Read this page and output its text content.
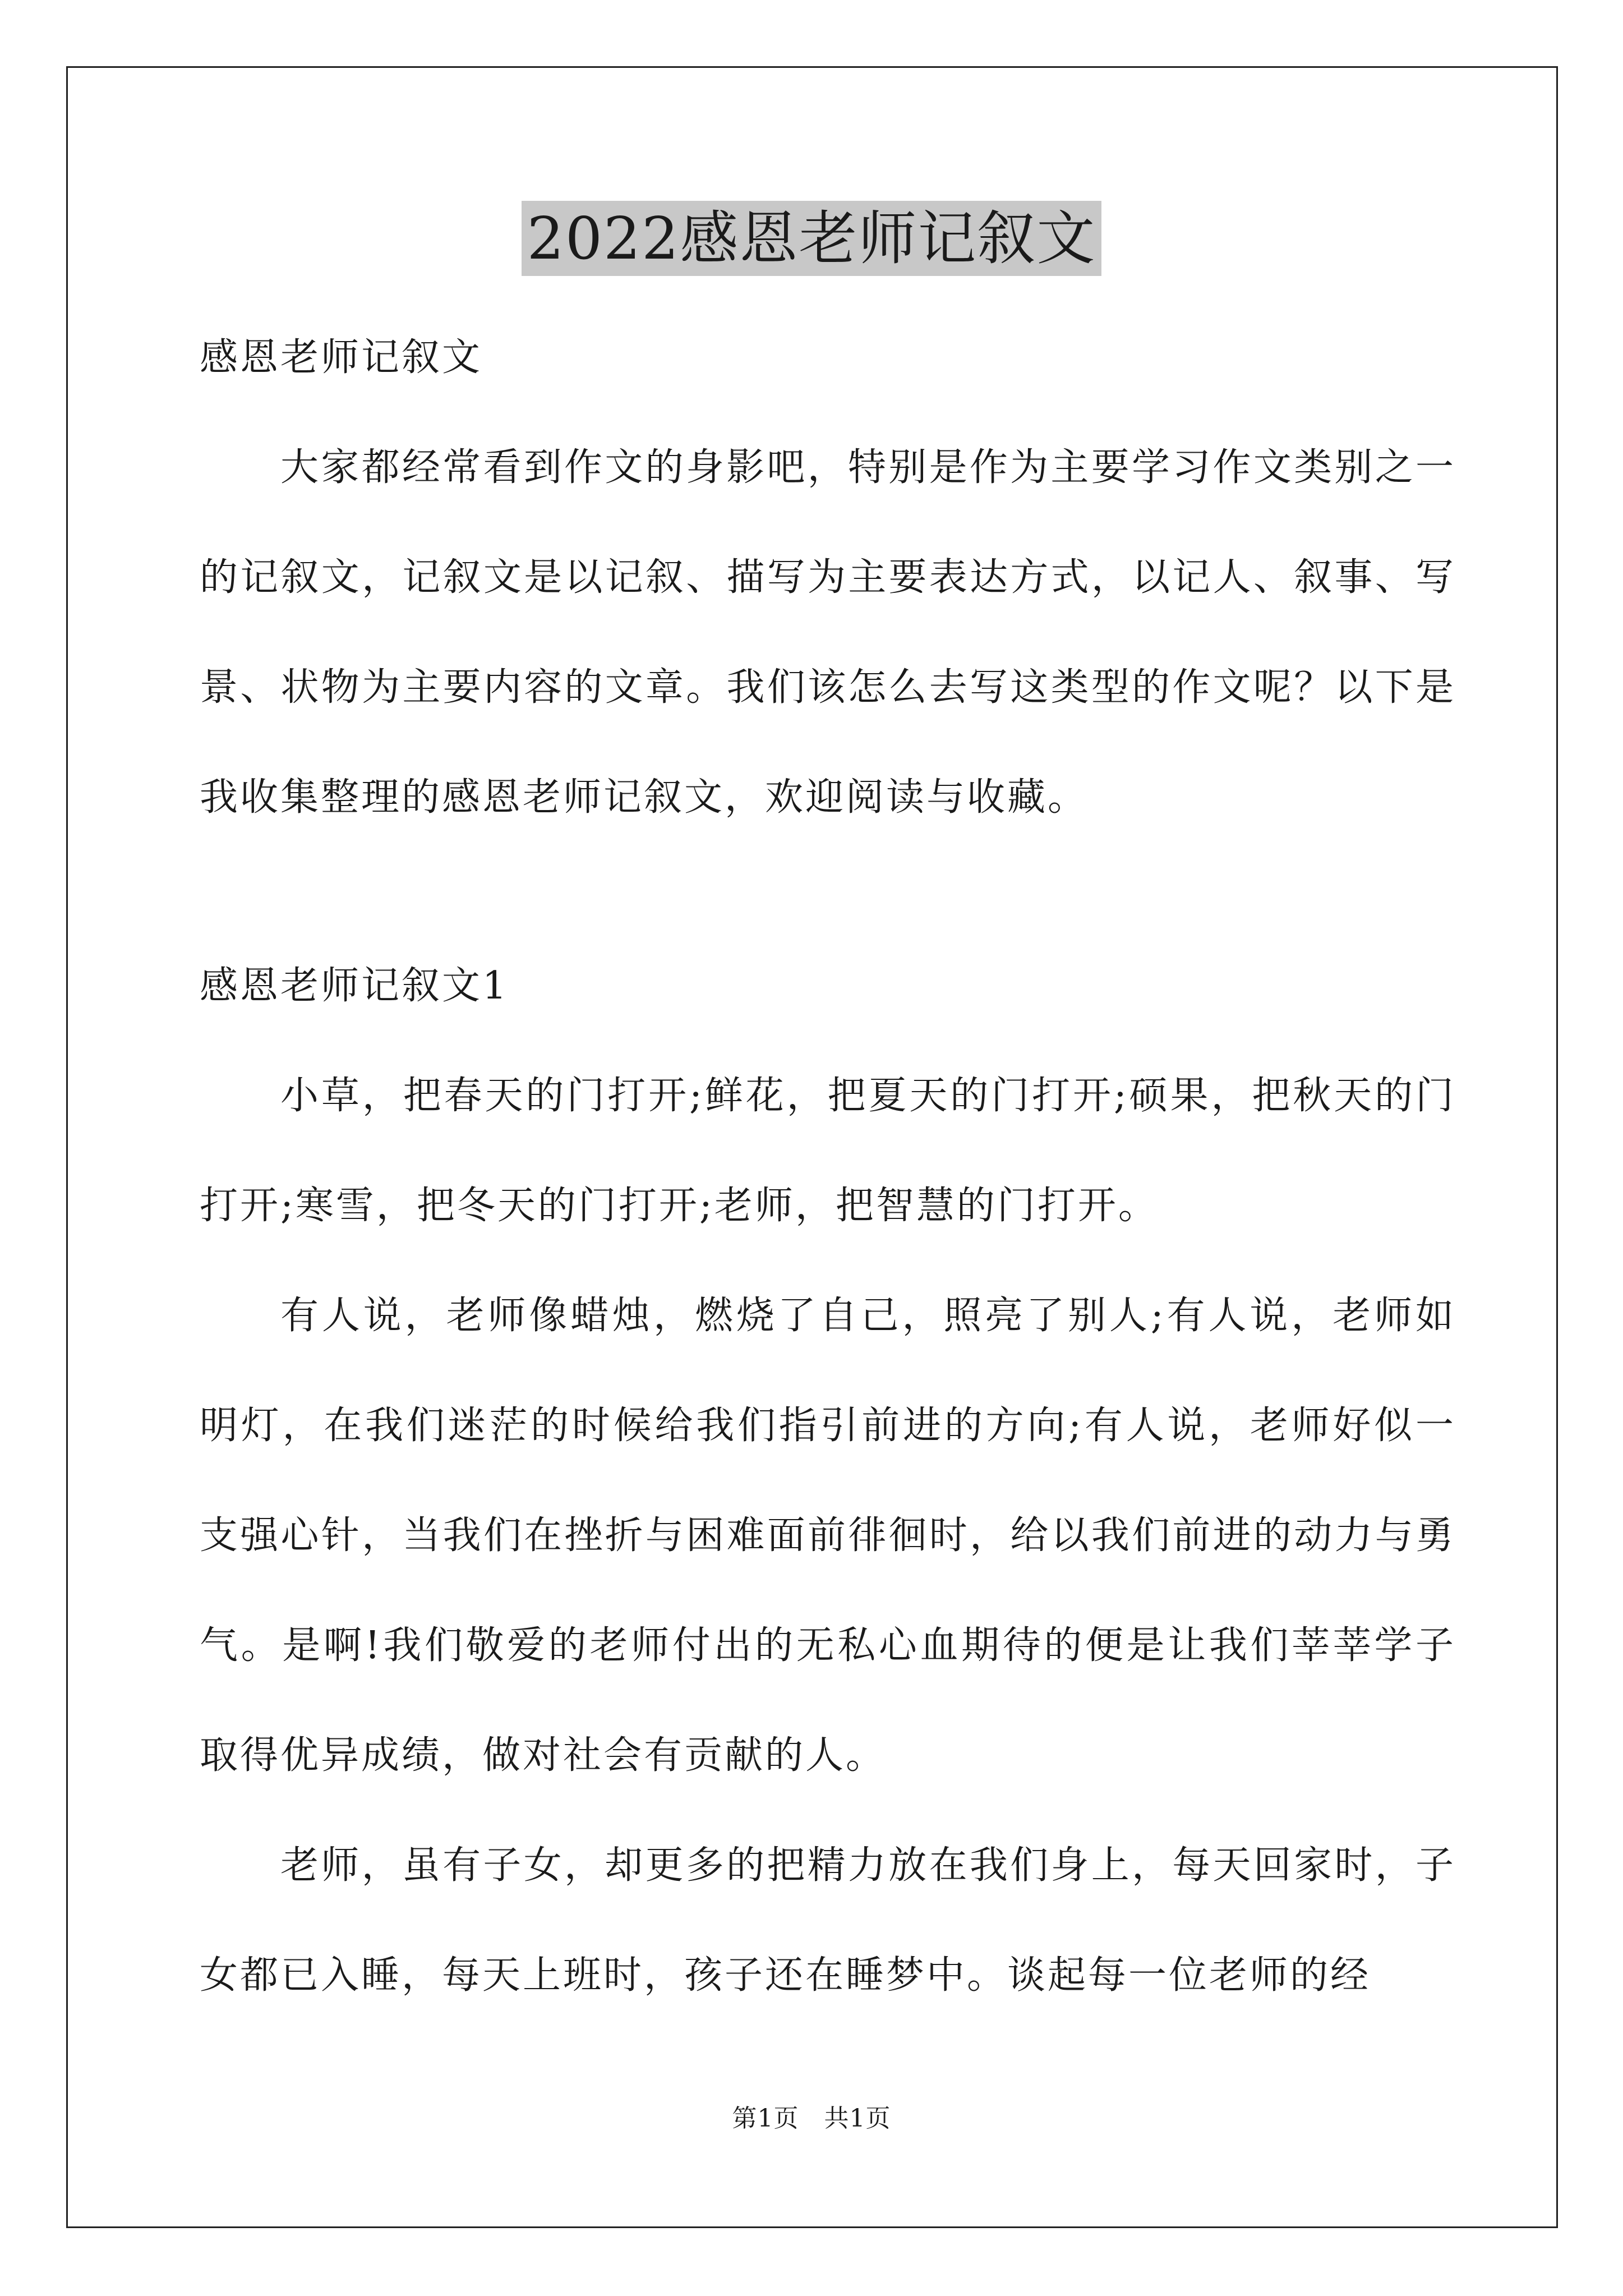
2022感恩老师记叙文

感恩老师记叙文

大家都经常看到作文的身影吧，特别是作为主要学习作文类别之一的记叙文，记叙文是以记叙、描写为主要表达方式，以记人、叙事、写景、状物为主要内容的文章。我们该怎么去写这类型的作文呢？以下是我收集整理的感恩老师记叙文，欢迎阅读与收藏。

感恩老师记叙文1

小草，把春天的门打开;鲜花，把夏天的门打开;硕果，把秋天的门打开;寒雪，把冬天的门打开;老师，把智慧的门打开。

有人说，老师像蜡烛，燃烧了自己，照亮了别人;有人说，老师如明灯，在我们迷茫的时候给我们指引前进的方向;有人说，老师好似一支强心针，当我们在挫折与困难面前徘徊时，给以我们前进的动力与勇气。是啊!我们敬爱的老师付出的无私心血期待的便是让我们莘莘学子取得优异成绩，做对社会有贡献的人。

老师，虽有子女，却更多的把精力放在我们身上，每天回家时，子女都已入睡，每天上班时，孩子还在睡梦中。谈起每一位老师的经

第1页　共1页
